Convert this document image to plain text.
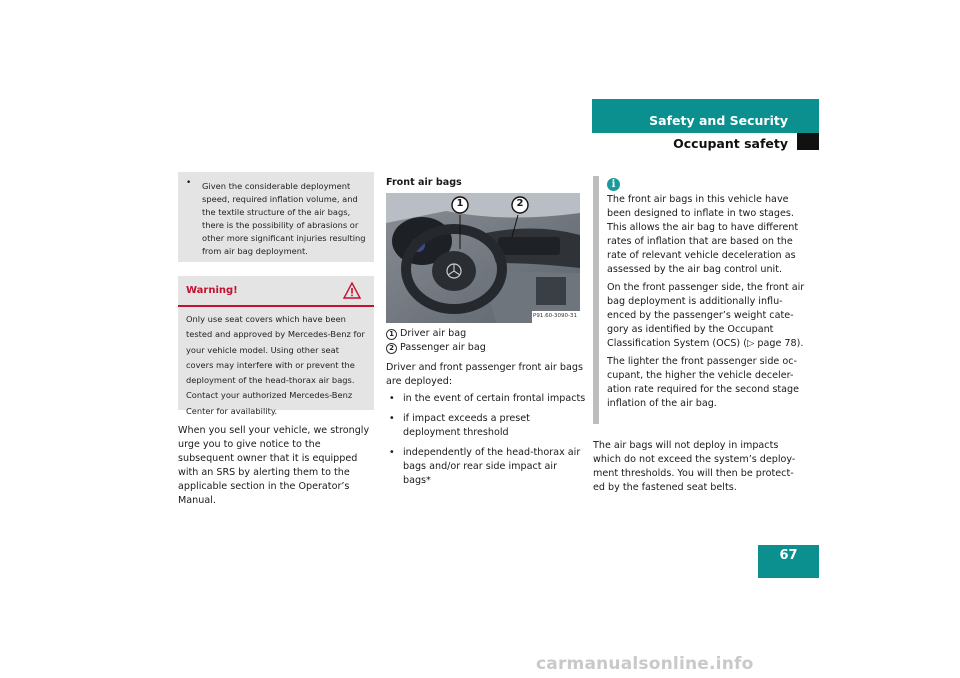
Safety and Security
Occupant safety
• Given the considerable deployment speed, required inflation volume, and the textile structure of the air bags, there is the possibility of abrasions or other more significant injuries resulting from air bag deployment.
Warning!
Only use seat covers which have been tested and approved by Mercedes-Benz for your vehicle model. Using other seat covers may interfere with or prevent the deployment of the head-thorax air bags. Contact your authorized Mercedes-Benz Center for availability.
When you sell your vehicle, we strongly urge you to give notice to the subsequent owner that it is equipped with an SRS by alerting them to the applicable section in the Operator’s Manual.
Front air bags
1	2
P91.60-3090-31
1 Driver air bag
2 Passenger air bag
Driver and front passenger front air bags are deployed:
• in the event of certain frontal impacts
• if impact exceeds a preset deployment threshold
• independently of the head-thorax air bags and/or rear side impact air bags*
i

The front air bags in this vehicle have been designed to inflate in two stages. This allows the air bag to have different rates of inflation that are based on the rate of relevant vehicle deceleration as assessed by the air bag control unit.

On the front passenger side, the front air bag deployment is additionally influ-enced by the passenger’s weight cate-gory as identified by the Occupant Classification System (OCS) (▷ page 78).

The lighter the front passenger side oc-cupant, the higher the vehicle deceler-ation rate required for the second stage inflation of the air bag.

The air bags will not deploy in impacts which do not exceed the system’s deploy-ment thresholds. You will then be protect-ed by the fastened seat belts.
67
carmanualsonline.info
